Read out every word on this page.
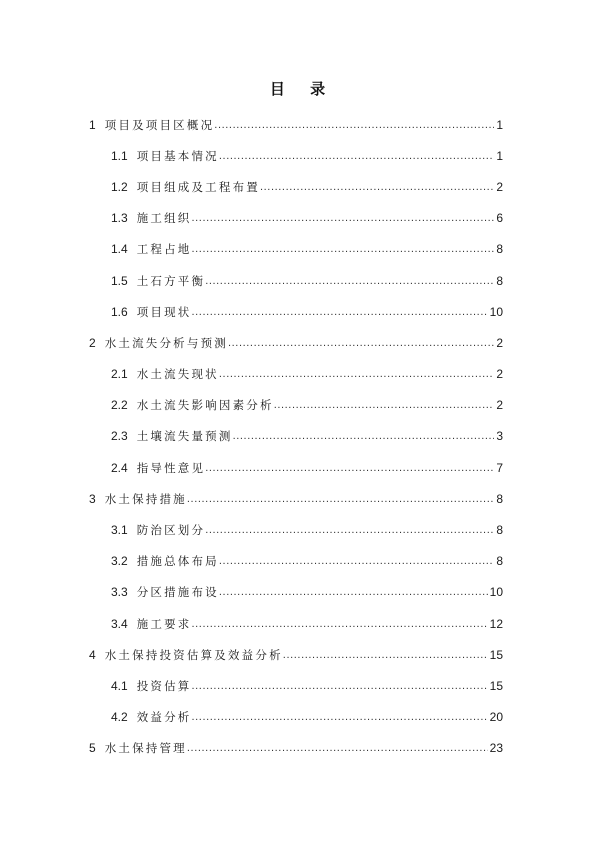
目 录
1 项目及项目区概况 .....	1
1.1 项目基本情况 .....	1
1.2 项目组成及工程布置 .....	2
1.3 施工组织 .....	6
1.4 工程占地 .....	8
1.5 土石方平衡 .....	8
1.6 项目现状 .....	10
2 水土流失分析与预测 .....	2
2.1 水土流失现状 .....	2
2.2 水土流失影响因素分析 .....	2
2.3 土壤流失量预测 .....	3
2.4 指导性意见 .....	7
3 水土保持措施 .....	8
3.1 防治区划分 .....	8
3.2 措施总体布局 .....	8
3.3 分区措施布设 .....	10
3.4 施工要求 .....	12
4 水土保持投资估算及效益分析 .....	15
4.1 投资估算 .....	15
4.2 效益分析 .....	20
5 水土保持管理 .....	23
